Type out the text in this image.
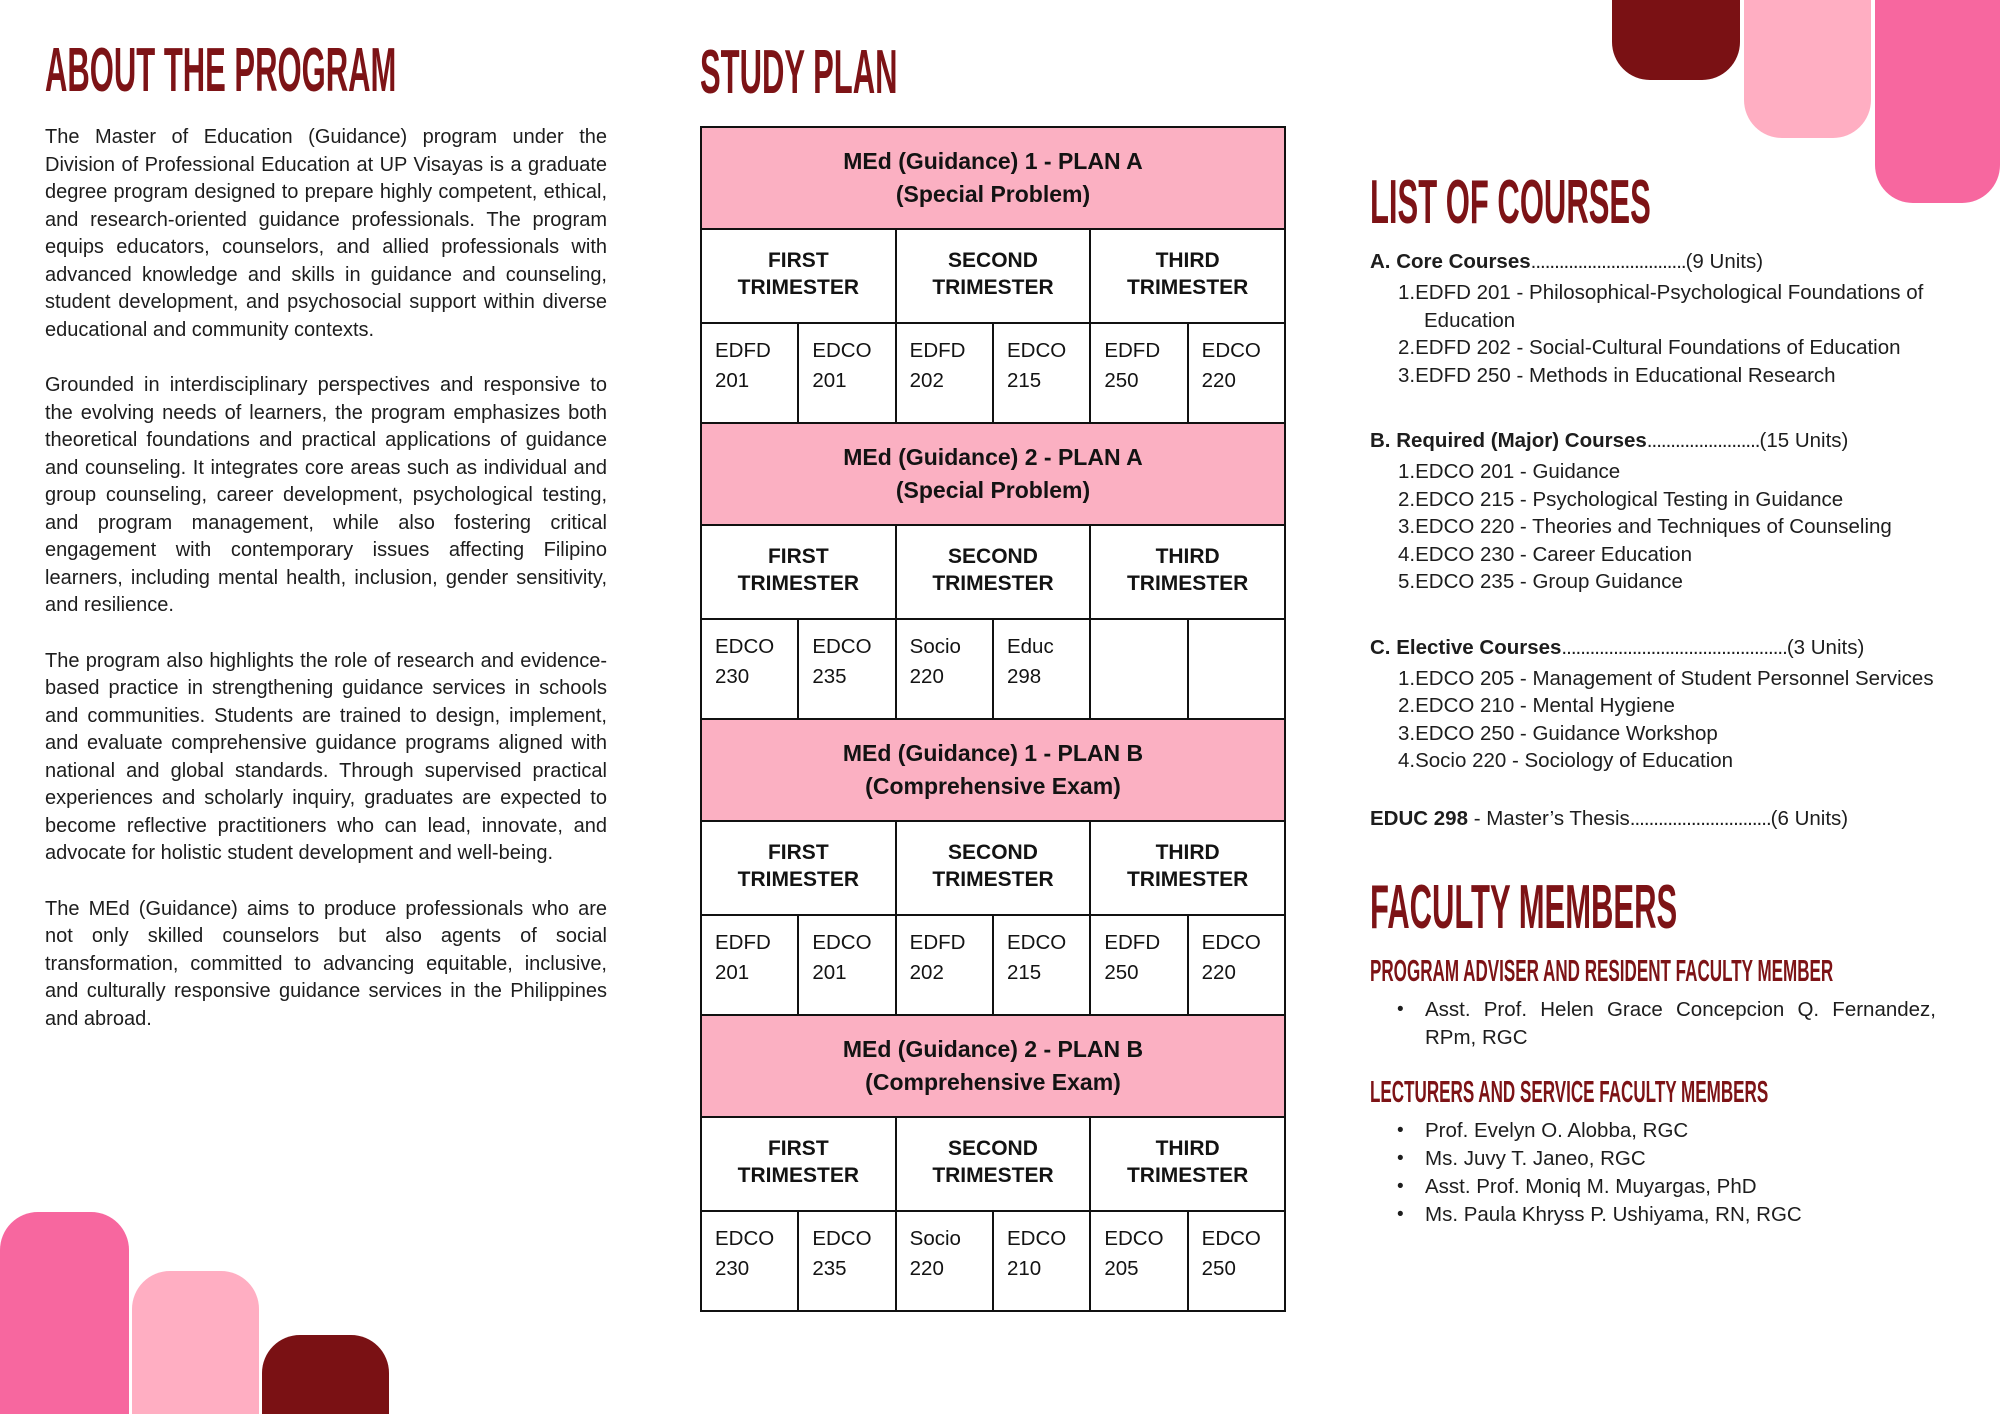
ABOUT THE PROGRAM

The Master of Education (Guidance) program under the Division of Professional Education at UP Visayas is a graduate degree program designed to prepare highly competent, ethical, and research-oriented guidance professionals. The program equips educators, counselors, and allied professionals with advanced knowledge and skills in guidance and counseling, student development, and psychosocial support within diverse educational and community contexts.

Grounded in interdisciplinary perspectives and responsive to the evolving needs of learners, the program emphasizes both theoretical foundations and practical applications of guidance and counseling. It integrates core areas such as individual and group counseling, career development, psychological testing, and program management, while also fostering critical engagement with contemporary issues affecting Filipino learners, including mental health, inclusion, gender sensitivity, and resilience.

The program also highlights the role of research and evidence-based practice in strengthening guidance services in schools and communities. Students are trained to design, implement, and evaluate comprehensive guidance programs aligned with national and global standards. Through supervised practical experiences and scholarly inquiry, graduates are expected to become reflective practitioners who can lead, innovate, and advocate for holistic student development and well-being.

The MEd (Guidance) aims to produce professionals who are not only skilled counselors but also agents of social transformation, committed to advancing equitable, inclusive, and culturally responsive guidance services in the Philippines and abroad.

STUDY PLAN
MEd (Guidance) 1 - PLAN A
(Special Problem)					

FIRST TRIMESTER		SECOND TRIMESTER		THIRD TRIMESTER	

EDFD 201	EDCO 201	EDFD 202	EDCO 215	EDFD 250	EDCO 220

MEd (Guidance) 2 - PLAN A
(Special Problem)					

FIRST TRIMESTER		SECOND TRIMESTER		THIRD TRIMESTER	

EDCO 230	EDCO 235	Socio 220	Educ 298		

MEd (Guidance) 1 - PLAN B
(Comprehensive Exam)					

FIRST TRIMESTER		SECOND TRIMESTER		THIRD TRIMESTER	

EDFD 201	EDCO 201	EDFD 202	EDCO 215	EDFD 250	EDCO 220

MEd (Guidance) 2 - PLAN B
(Comprehensive Exam)					

FIRST TRIMESTER		SECOND TRIMESTER		THIRD TRIMESTER	

EDCO 230	EDCO 235	Socio 220	EDCO 210	EDCO 205	EDCO 250
LIST OF COURSES
A. Core Courses.................................(9 Units)
EDFD 201 - Philosophical-Psychological Foundations of Education
EDFD 202 - Social-Cultural Foundations of Education
EDFD 250 - Methods in Educational Research
B. Required (Major) Courses........................(15 Units)
EDCO 201 - Guidance
EDCO 215 - Psychological Testing in Guidance
EDCO 220 - Theories and Techniques of Counseling
EDCO 230 - Career Education
EDCO 235 - Group Guidance
C. Elective Courses................................................(3 Units)
EDCO 205 - Management of Student Personnel Services
EDCO 210 - Mental Hygiene
EDCO 250 - Guidance Workshop
Socio 220 - Sociology of Education
EDUC 298 - Master’s Thesis..............................(6 Units)
FACULTY MEMBERS
PROGRAM ADVISER AND RESIDENT FACULTY MEMBER
• Asst. Prof. Helen Grace Concepcion Q. Fernandez, RPm, RGC
LECTURERS AND SERVICE FACULTY MEMBERS
• Prof. Evelyn O. Alobba, RGC
• Ms. Juvy T. Janeo, RGC
• Asst. Prof. Moniq M. Muyargas, PhD
• Ms. Paula Khryss P. Ushiyama, RN, RGC
